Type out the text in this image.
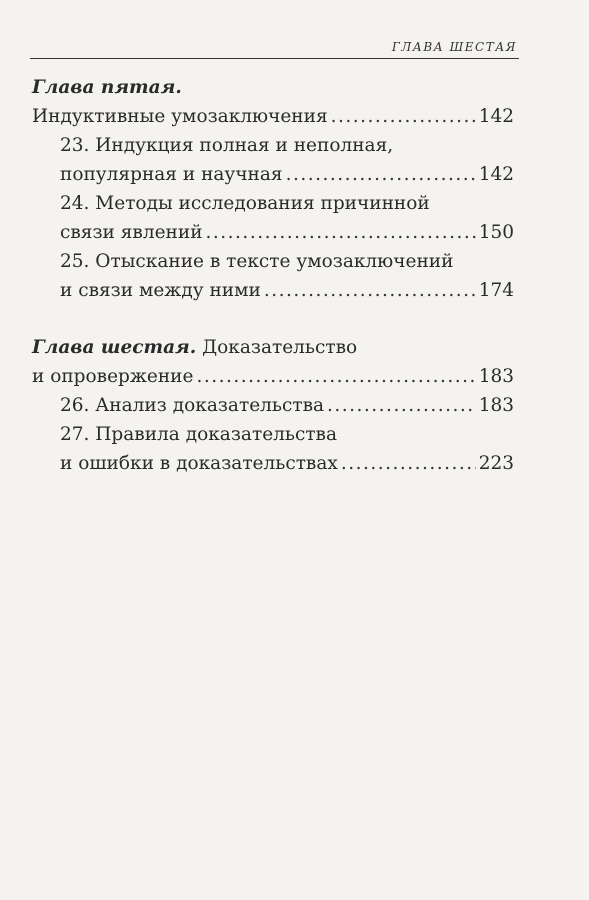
ГЛАВА ШЕСТАЯ
Глава пятая.
Индуктивные умозаключения .....	142
23. Индукция полная и неполная,
популярная и научная .....	142
24. Методы исследования причинной
связи явлений .....	150
25. Отыскание в тексте умозаключений
и связи между ними .....	174
Глава шестая.
Доказательство
и опровержение .....	183
26. Анализ доказательства .....	183
27. Правила доказательства
и ошибки в доказательствах .....	223
